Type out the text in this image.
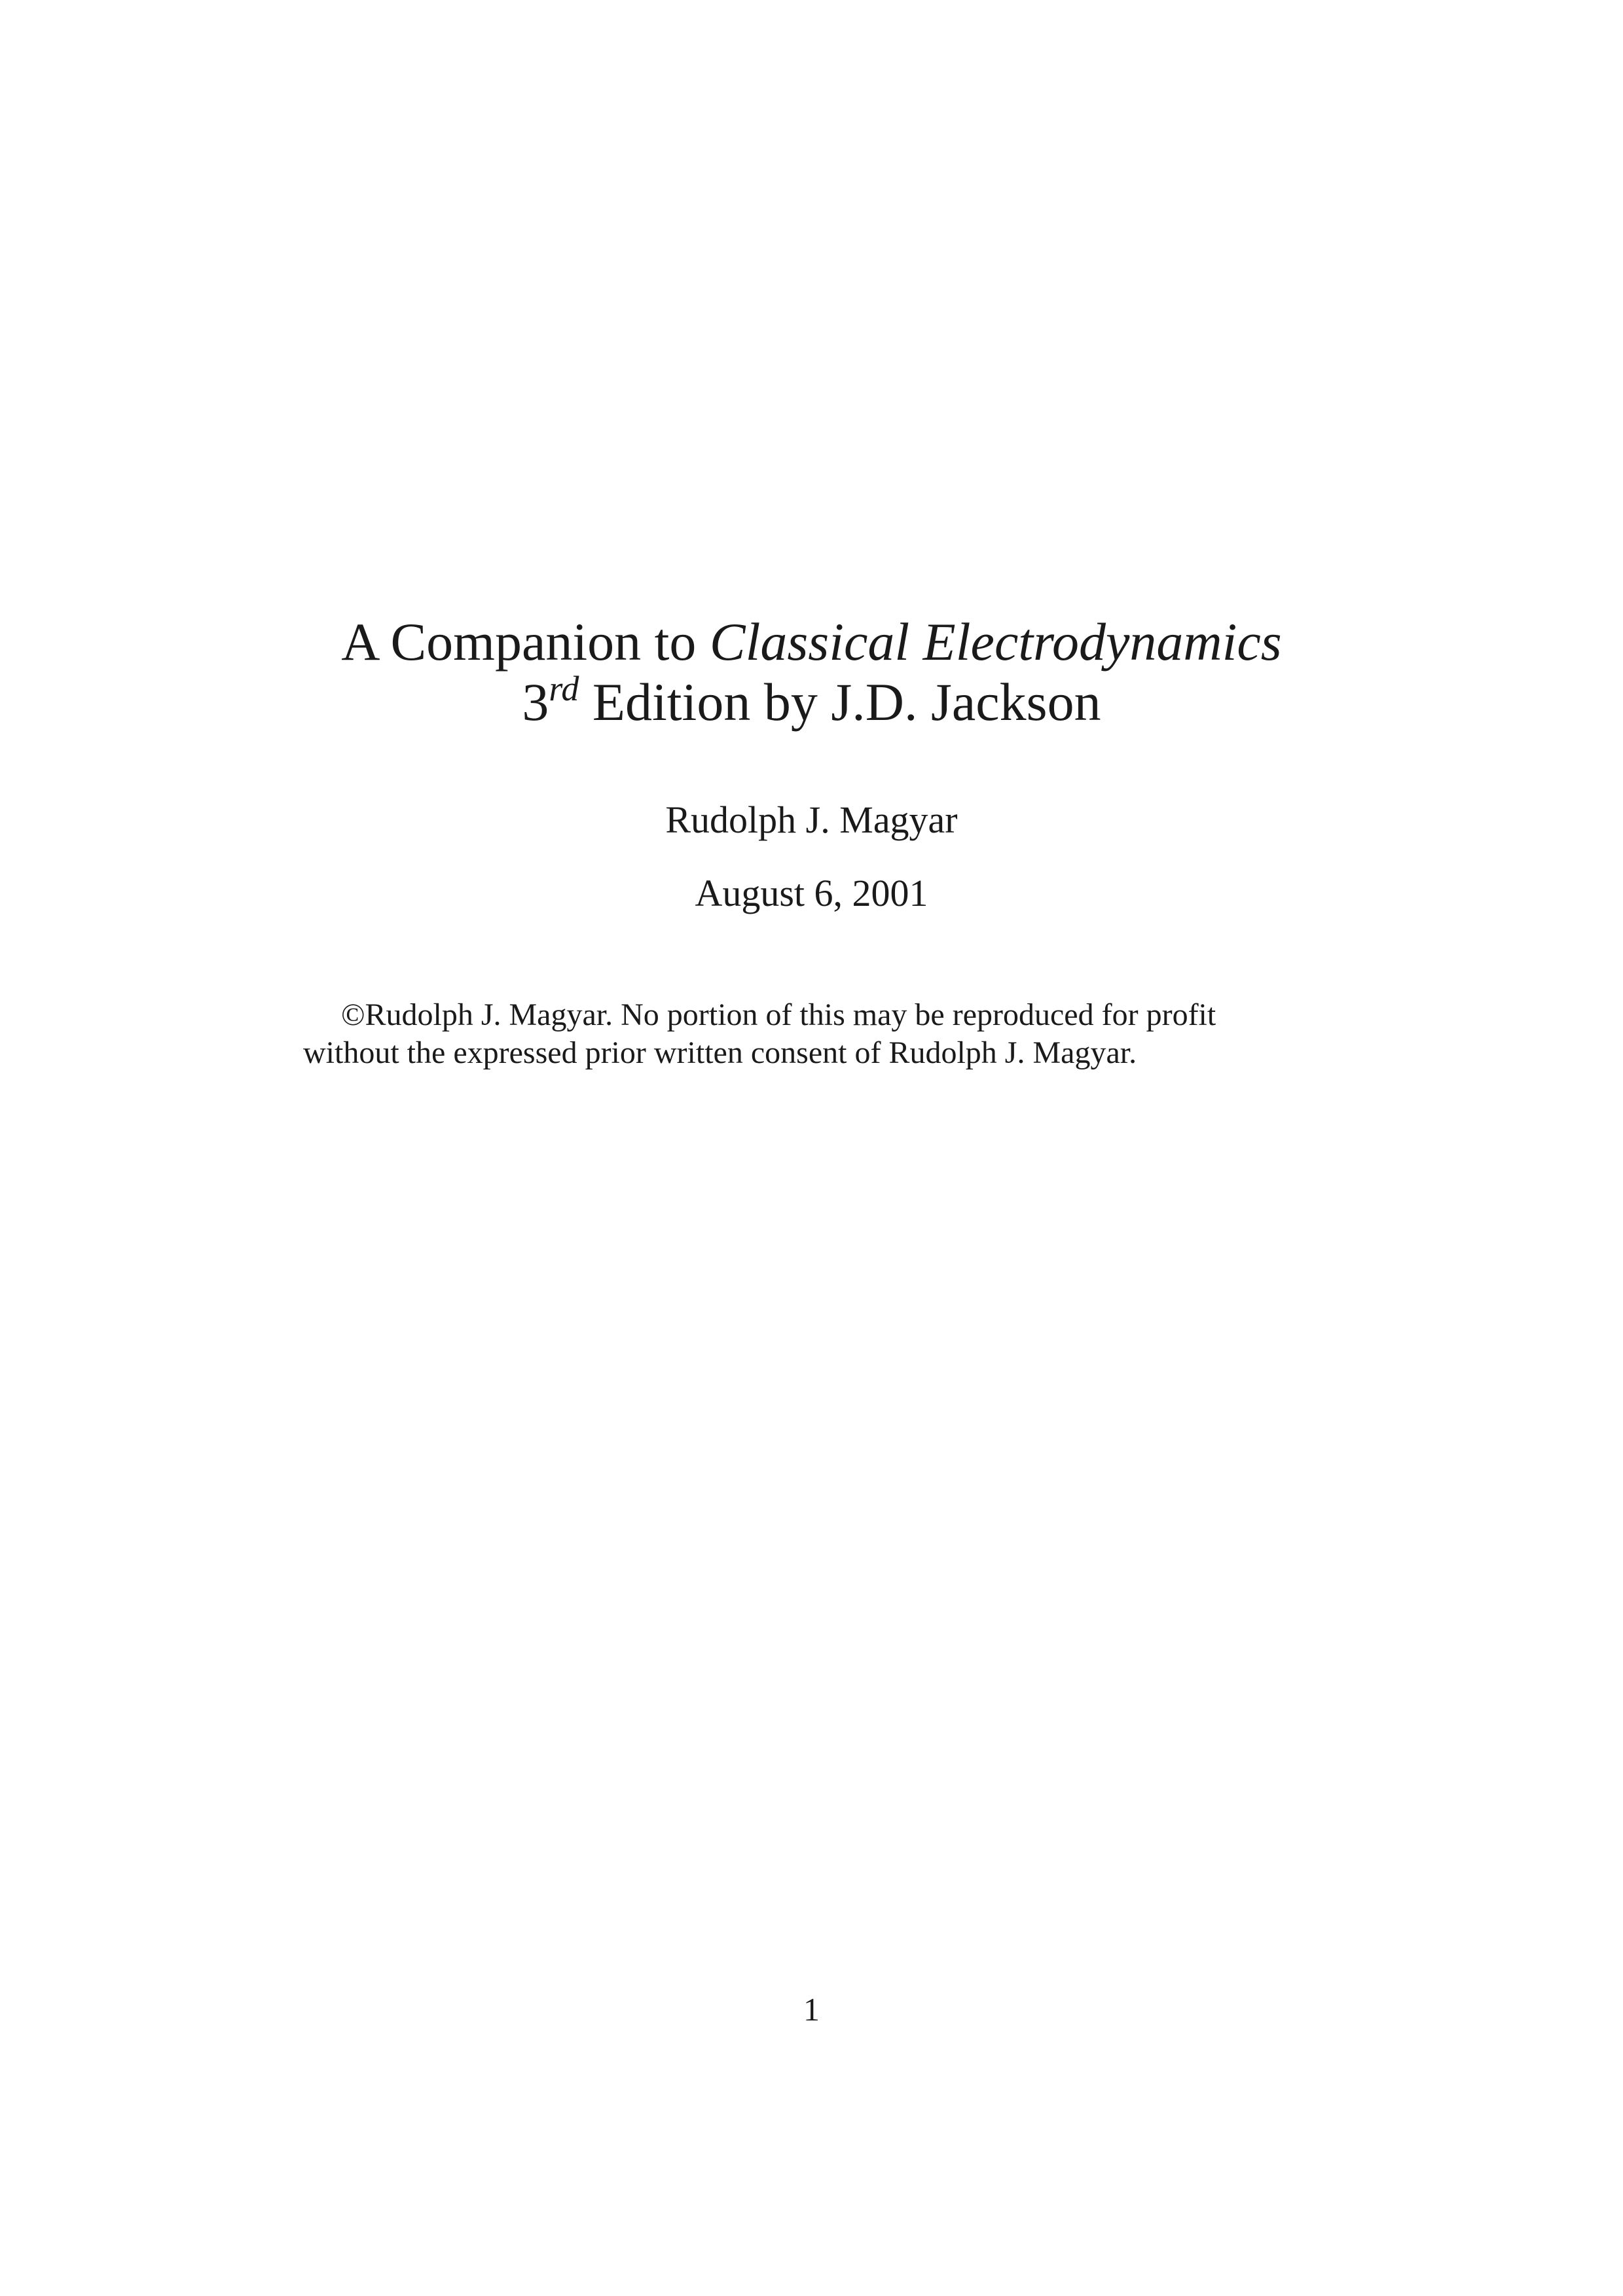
A Companion to Classical Electrodynamics
3rd Edition by J.D. Jackson
Rudolph J. Magyar
August 6, 2001
©Rudolph J. Magyar. No portion of this may be reproduced for profit
without the expressed prior written consent of Rudolph J. Magyar.
1
